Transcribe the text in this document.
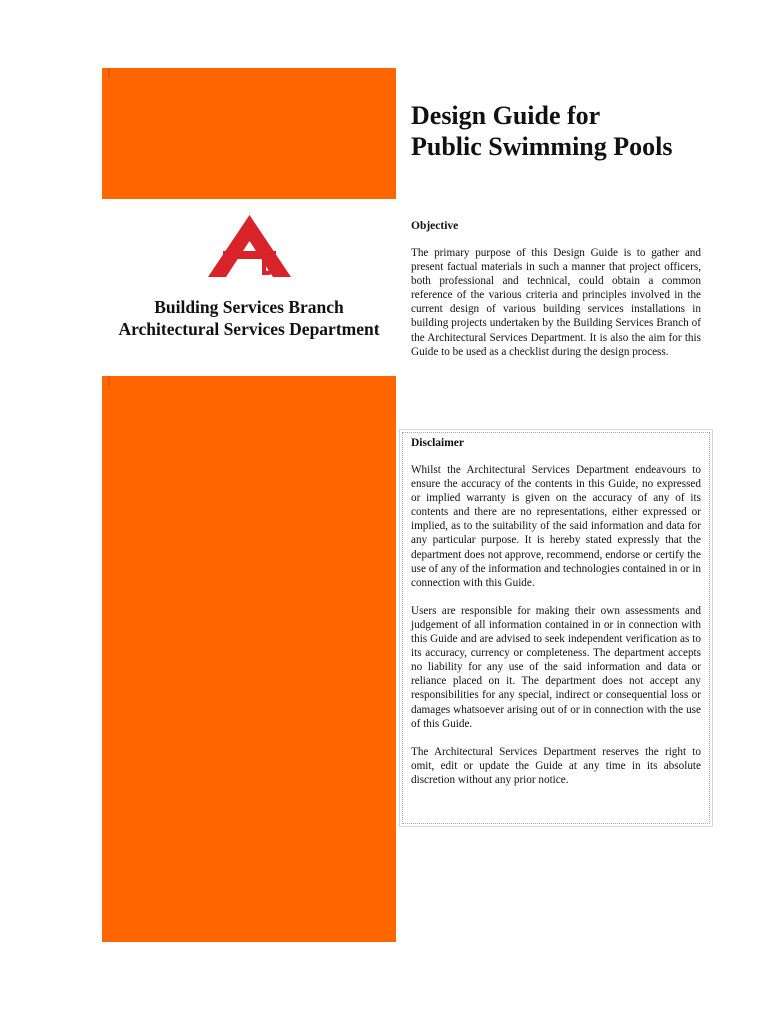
Building Services Branch
Architectural Services Department
Design Guide for
Public Swimming Pools
Objective

The primary purpose of this Design Guide is to gather and present factual materials in such a manner that project officers, both professional and technical, could obtain a common reference of the various criteria and principles involved in the current design of various building services installations in building projects undertaken by the Building Services Branch of the Architectural Services Department. It is also the aim for this Guide to be used as a checklist during the design process.

Disclaimer

Whilst the Architectural Services Department endeavours to ensure the accuracy of the contents in this Guide, no expressed or implied warranty is given on the accuracy of any of its contents and there are no representations, either expressed or implied, as to the suitability of the said information and data for any particular purpose. It is hereby stated expressly that the department does not approve, recommend, endorse or certify the use of any of the information and technologies contained in or in connection with this Guide.

Users are responsible for making their own assessments and judgement of all information contained in or in connection with this Guide and are advised to seek independent verification as to its accuracy, currency or completeness. The department accepts no liability for any use of the said information and data or reliance placed on it. The department does not accept any responsibilities for any special, indirect or consequential loss or damages whatsoever arising out of or in connection with the use of this Guide.

The Architectural Services Department reserves the right to omit, edit or update the Guide at any time in its absolute discretion without any prior notice.
